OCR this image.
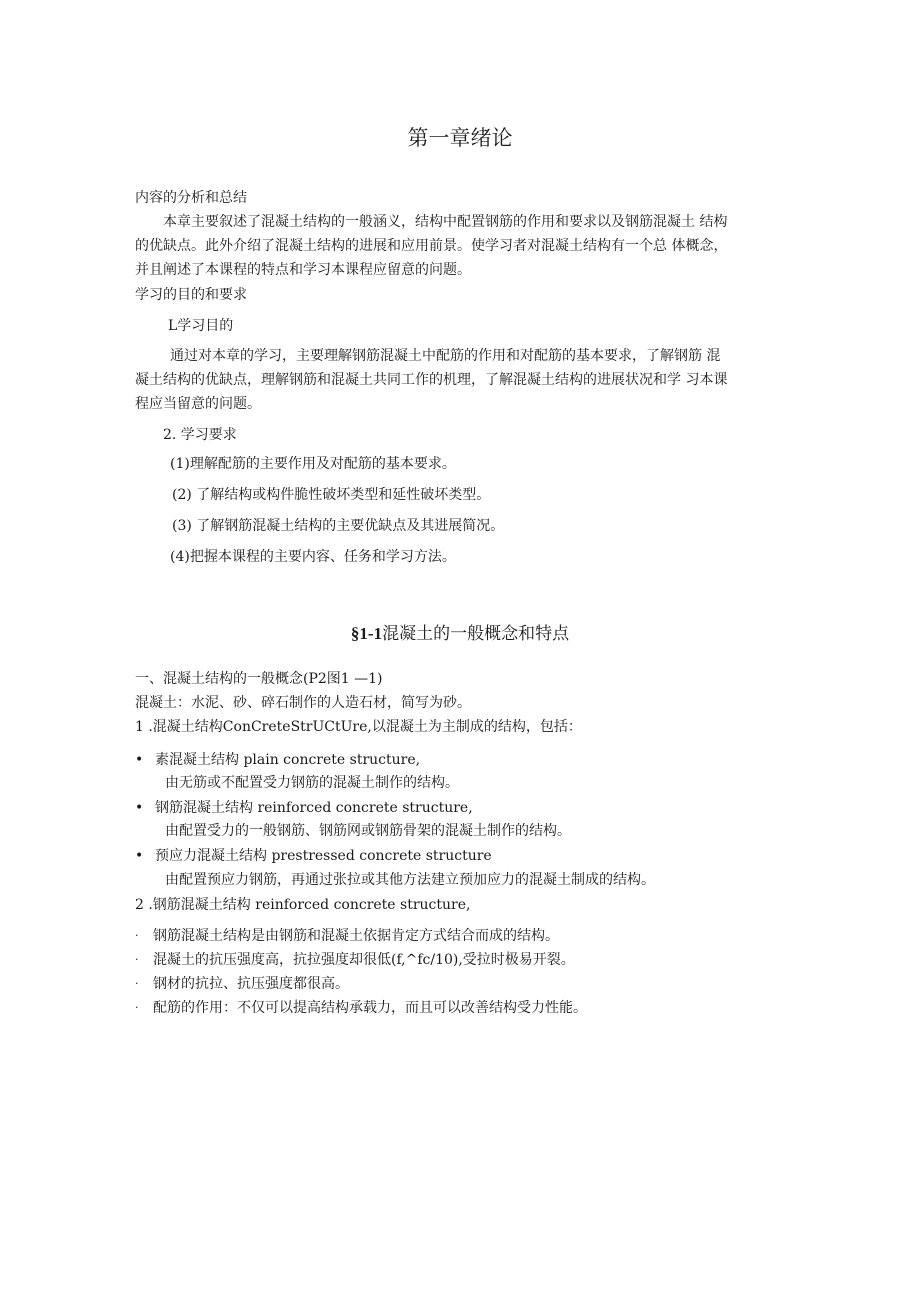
第一章绪论
内容的分析和总结
本章主要叙述了混凝土结构的一般涵义，结构中配置钢筋的作用和要求以及钢筋混凝土 结构
的优缺点。此外介绍了混凝土结构的进展和应用前景。使学习者对混凝土结构有一个总 体概念，
并且阐述了本课程的特点和学习本课程应留意的问题。
学习的目的和要求
L学习目的
通过对本章的学习，主要理解钢筋混凝土中配筋的作用和对配筋的基本要求，了解钢筋 混
凝土结构的优缺点，理解钢筋和混凝土共同工作的机理，了解混凝土结构的进展状况和学 习本课
程应当留意的问题。
2. 学习要求
(1)理解配筋的主要作用及对配筋的基本要求。
(2) 了解结构或构件脆性破坏类型和延性破坏类型。
(3) 了解钢筋混凝土结构的主要优缺点及其进展简况。
(4)把握本课程的主要内容、任务和学习方法。
§1-1混凝土的一般概念和特点
一、混凝土结构的一般概念(P2图1 —1)
混凝土：水泥、砂、碎石制作的人造石材，简写为砂。
1 .混凝土结构ConCreteStrUCtUre,以混凝土为主制成的结构，包括：
• 素混凝土结构 plain concrete structure,
由无筋或不配置受力钢筋的混凝土制作的结构。
• 钢筋混凝土结构 reinforced concrete structure,
由配置受力的一般钢筋、钢筋网或钢筋骨架的混凝土制作的结构。
• 预应力混凝土结构 prestressed concrete structure
由配置预应力钢筋，再通过张拉或其他方法建立预加应力的混凝土制成的结构。
2 .钢筋混凝土结构 reinforced concrete structure,
· 钢筋混凝土结构是由钢筋和混凝土依据肯定方式结合而成的结构。
· 混凝土的抗压强度高，抗拉强度却很低(f,^fc/10),受拉时极易开裂。
· 钢材的抗拉、抗压强度都很高。
· 配筋的作用：不仅可以提高结构承载力，而且可以改善结构受力性能。
